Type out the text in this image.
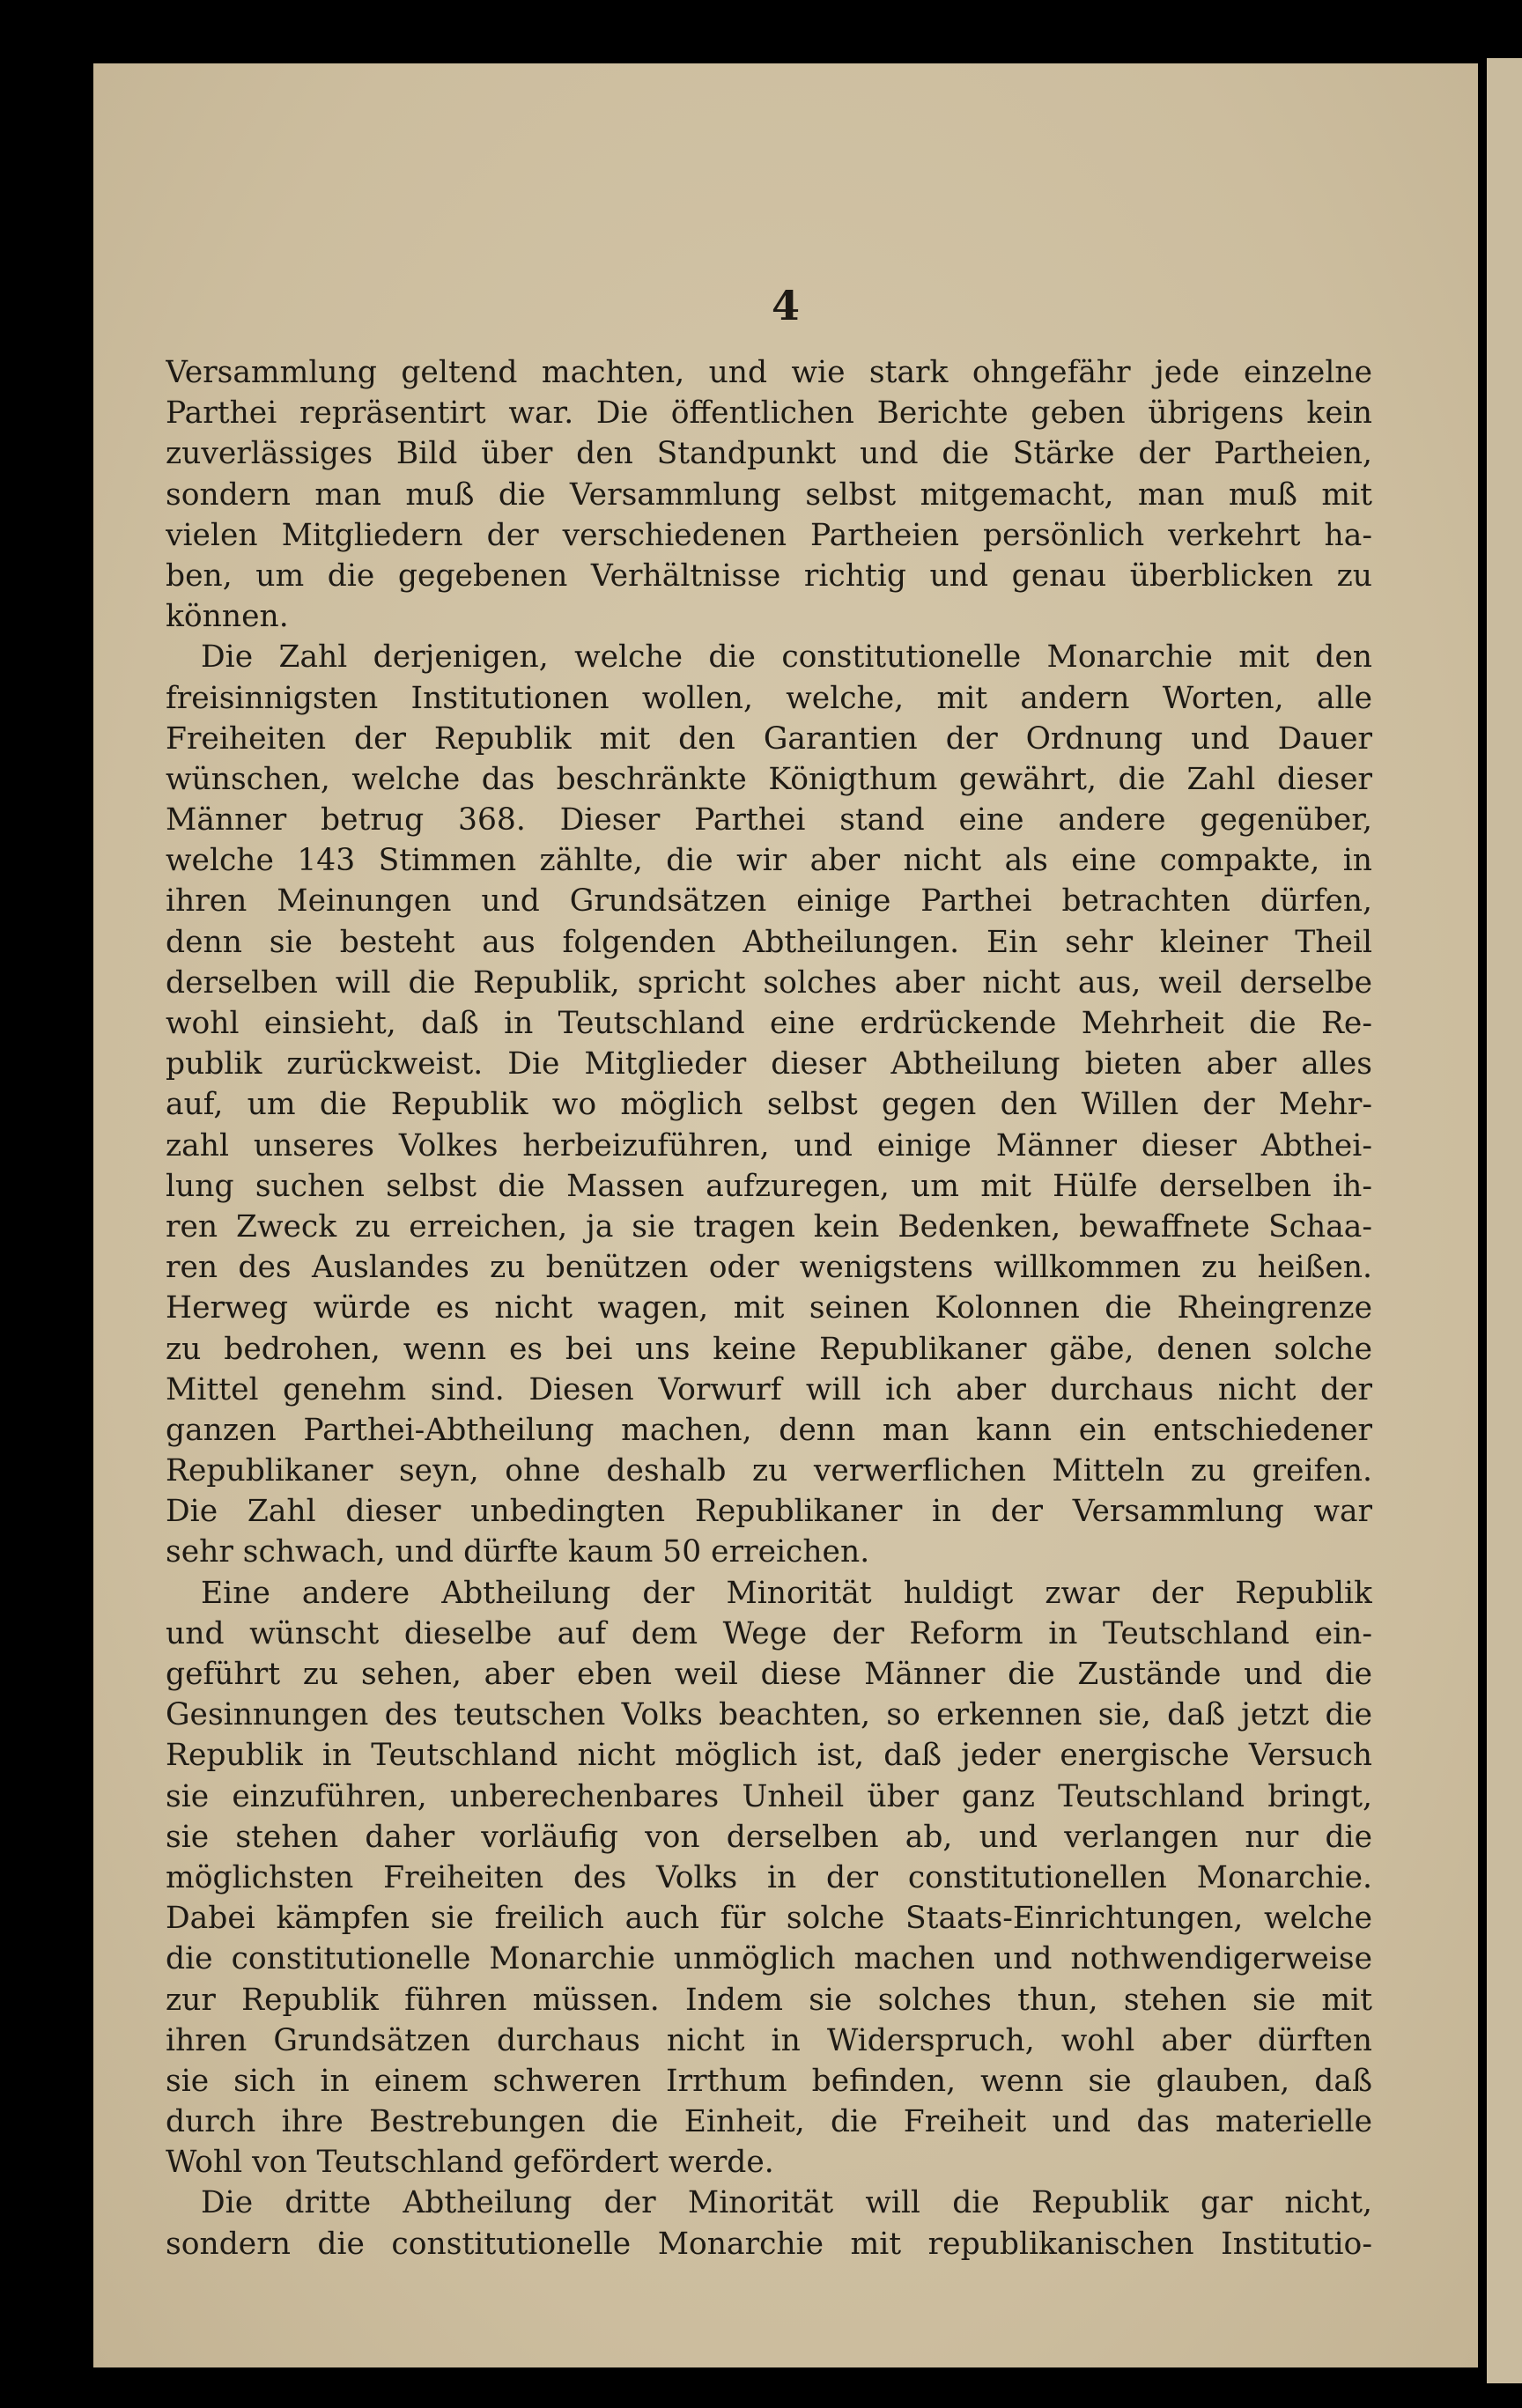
4
Versammlung geltend machten, und wie stark ohngefähr jede einzelne
Parthei repräsentirt war. Die öffentlichen Berichte geben übrigens kein
zuverlässiges Bild über den Standpunkt und die Stärke der Partheien,
sondern man muß die Versammlung selbst mitgemacht, man muß mit
vielen Mitgliedern der verschiedenen Partheien persönlich verkehrt ha-
ben, um die gegebenen Verhältnisse richtig und genau überblicken zu
können.
Die Zahl derjenigen, welche die constitutionelle Monarchie mit den
freisinnigsten Institutionen wollen, welche, mit andern Worten, alle
Freiheiten der Republik mit den Garantien der Ordnung und Dauer
wünschen, welche das beschränkte Königthum gewährt, die Zahl dieser
Männer betrug 368. Dieser Parthei stand eine andere gegenüber,
welche 143 Stimmen zählte, die wir aber nicht als eine compakte, in
ihren Meinungen und Grundsätzen einige Parthei betrachten dürfen,
denn sie besteht aus folgenden Abtheilungen. Ein sehr kleiner Theil
derselben will die Republik, spricht solches aber nicht aus, weil derselbe
wohl einsieht, daß in Teutschland eine erdrückende Mehrheit die Re-
publik zurückweist. Die Mitglieder dieser Abtheilung bieten aber alles
auf, um die Republik wo möglich selbst gegen den Willen der Mehr-
zahl unseres Volkes herbeizuführen, und einige Männer dieser Abthei-
lung suchen selbst die Massen aufzuregen, um mit Hülfe derselben ih-
ren Zweck zu erreichen, ja sie tragen kein Bedenken, bewaffnete Schaa-
ren des Auslandes zu benützen oder wenigstens willkommen zu heißen.
Herweg würde es nicht wagen, mit seinen Kolonnen die Rheingrenze
zu bedrohen, wenn es bei uns keine Republikaner gäbe, denen solche
Mittel genehm sind. Diesen Vorwurf will ich aber durchaus nicht der
ganzen Parthei-Abtheilung machen, denn man kann ein entschiedener
Republikaner seyn, ohne deshalb zu verwerflichen Mitteln zu greifen.
Die Zahl dieser unbedingten Republikaner in der Versammlung war
sehr schwach, und dürfte kaum 50 erreichen.
Eine andere Abtheilung der Minorität huldigt zwar der Republik
und wünscht dieselbe auf dem Wege der Reform in Teutschland ein-
geführt zu sehen, aber eben weil diese Männer die Zustände und die
Gesinnungen des teutschen Volks beachten, so erkennen sie, daß jetzt die
Republik in Teutschland nicht möglich ist, daß jeder energische Versuch
sie einzuführen, unberechenbares Unheil über ganz Teutschland bringt,
sie stehen daher vorläufig von derselben ab, und verlangen nur die
möglichsten Freiheiten des Volks in der constitutionellen Monarchie.
Dabei kämpfen sie freilich auch für solche Staats-Einrichtungen, welche
die constitutionelle Monarchie unmöglich machen und nothwendigerweise
zur Republik führen müssen. Indem sie solches thun, stehen sie mit
ihren Grundsätzen durchaus nicht in Widerspruch, wohl aber dürften
sie sich in einem schweren Irrthum befinden, wenn sie glauben, daß
durch ihre Bestrebungen die Einheit, die Freiheit und das materielle
Wohl von Teutschland gefördert werde.
Die dritte Abtheilung der Minorität will die Republik gar nicht,
sondern die constitutionelle Monarchie mit republikanischen Institutio-
